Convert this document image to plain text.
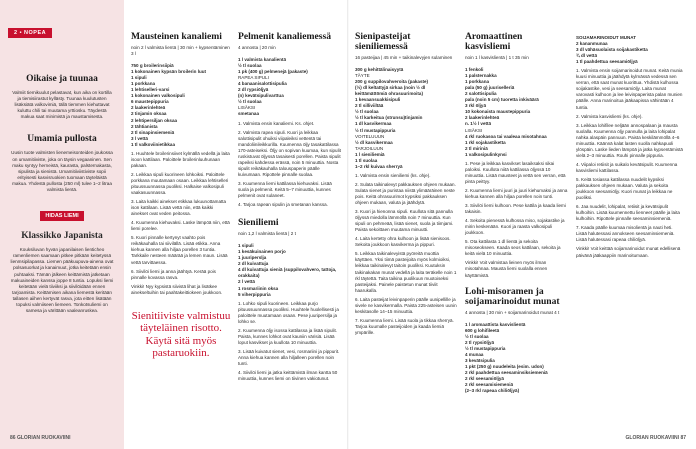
2 • NOPEA
Oikaise ja tuunaa

Valmiit tiemikuulut pelastavat, kun aika on kortilla ja tiemisiirastut kyllästy. Tuunaa kuulutusten lisäksiätä valkovimiä, tällä tiemmen kiehuttavat kuluttu chili tai muutama yrttiosku. Täydestä makua saat minimistä ja maustamisesta.

Umamia pullosta

Uusin tuote valmisten lienemeisonteiden joukossa on umamitiiviste, joka on täysin vegaaninen. Sen maku syntyy herneistä, kaurasta, palsternakasta, sipulista ja sienistä. Umamitiiviistiviste sopii erityisesti kasvisruokien tuomaan täyteläistä makua. Yhdestä pullosta (250 ml) tulee 1–2 litraa valmista lientä.

HIDAS LIEMI
Klassikko Japanista

Kouksiluvan hyvän japanilaisen lienticheo ramenliemen saamaan pitkee pitkään keitetyssä lienmsipilapassa. Liemen pääkuupuva-ainena ovat polsasuorkat ja kanaimuut, jotka keitetään ensin puhtaaksi. Tämän jälkeen keittämistä jatketaan makuaineiden kanssa joppe 8 tuntia. Lopuksi liemi keitetään vielä tiiviiksi ja siivilöidään ennen tarjoamista. Keittämisen aikana liemestä keritään tallasen aiihen kertyvät rasva, jota eitten lisätään topuksi valmiiseen liemeen. Tonkotsuliemi on samesa ja värittään vaaleanruskea.

Mausteinen kanaliemi
noin 2 l valmista lientä | 30 min + kypsentäminen 3 l
750 g broilerinsiipiä
1 kokonainen kypsän broilerin luut
1 sipuli
1 porkkana
1 lehtiselleri-varsi
1 kokonainen valkosipuli
6 maustepippuria
2 laakerinlehteä
2 tinjamin oksaa
2 lehtipersiljan oksaa
2 tähtianista
2 tl sinapinsiemeniä
3 l vettä
1 tl valkoviinietikkaa

1. Huuhtele broilerinsiivet kylmällä vedellä ja laita isoon kattilaan. Paloittele broilerinluuhunaan pakaan.

2. Leikkaa sipuli kuorineen lohkoiksi. Paloittele porkkana muutamaan osaan. Leikkaa lehtiselleri pituussuunnassa puoliksi. Halkaise valkosipuli vaakasuunnassa.

3. Laita kaikki ainekset etikkaa lukuunottamatta ison kattilaan. Lisää vettä niin, että kaikki ainekset ovat veden peitossa.

4. Kuumenna kiehuvaksi. Laske lämpöä niin, että liemi porelee.

5. Kuori pinnalle kertynyt vaahto pois reikäkauhalla tai siivilällä. Lisää etikka. Anna kiehua kannen alla hiljaa porellen 3 tuntia. Tarkkaile nesteen määrää ja lemen maun. Lisää vettä tarvittaessa.

6. Siivilöi liemi ja anna jäähtyä. Kerää pois pinnalle kovassa rasva.

Vinkki! Nyy kypsistä siivistä lihat ja lisätkee ainekseltuihin tai paahtakeittiokeen joukkoon.

Sienitiiviste valmistuu täyteläinen risotto. Käytä sitä myös pastaruokiin.
Pelmenit kanaliemessä
4 annosta | 20 min
1 l valmista kanalientä
½ tl suolaa
1 pk (400 g) pelmenejä (pakaste)
RAPEA SIPULI
4 banaanisalottisipulia
2 dl rypsiöljyä
(n) kevätsipulivarttua
½ tl suolaa
LISÄKSI
smetanaa

1. Valmista ensin kanaliemi. Ks. ohjet.

2. Valmista rapea sipuli. Kuori ja leikkaa salottisipulit ohuiksi viipaleiksi vettentä tai mandoliinileikkurilla. Kuumenna öljy tasakattilassa 170-asteiseksi. Öljy on sopivan kuumaa, kun sipulit ruskistuvat öljyssä tasaisesti porellen. Paista sipulit rapeiksi kahdessa erässä, noin 5 minuuttia. Nosta sipulit reikäkauhalla talouspaperin päälle kuivumaan. Ripottele pinnalle suolaa.

3. Kuumenna liemi kattilassa kiehuvaksi. Lisää suola ja pelmenit. Keitä 5–7 minuuttia, kunnes pelmenit ovat sulaneet.

4. Tarjoa rapean sipulin ja smetanan kanssa.

Sieniliemi
noin 1,2 l valmista lientä | 2 t
1 sipuli
1 kesäkuinainen porjo
1 juuriperslja
2 dl kuivattuja
4 dl kuivattuja sieniä (suppilovahvero, tattoja, orakkaita)
2 l vettä
1 rosmariinin oksa
5 viherpippuria

1. Lohko sipuli kuorineen. Leikkaa purjo pituussuunnassa puoliksi. Huuhtele huolellisesti ja paloittele muutamaan osaan. Pese juuripersilja ja lohko se.

2. Kuumenna öljy isossa kattilassa ja lisää sipulit. Paista, kunnes lohkot ovat kauniin värisiä. Lisää loput kasvikset ja kuullota 10 minuuttia.

3. Lisää kuivatut sienet, vesi, rosmariini ja pippurit. Anna kiehua kannen alla hiljalleen porellen noin tunti.

4. Siivilöi liemi ja jatka keittämistä ilman kantta 50 minuuttia, kunnes liemi on tiivinen vakiotunut.

Sienipasteijat sieniliemessä
16 pasteijaa | 45 min + taikinalevyjen sulaminen
300 g kehittälinaisyytä
TÄYTE
200 g suppilovahveroita (pakaste)
(½) dl keltattyjä sirkaa (noin ½ dl keittämättömiä ohrasuurimoita)
1 kevaansuakkisipuli
2 tl silliviiltää
½ tl suolaa
½ tl karkeitua (strunsu)tinjamin
1 dl kasvikermaa
½ tl mustapippuria
VOITELUUUN
½ dl kasvikermaa
TARJOILUUN
1 l sieniliemiä
1 tl suolaa
1–2 rkl kuivaa sherryä

1. Valmista ensin sieniliemi (ks. ohje).

2. Sulata taikinalevyt pakkauksen ohjeen mukaan. Sulata sienet ja puristaa niistä ylimääräinen neste pois. Keitä ohrasuurimot kypsiksi pakkauksen ohjeen mukaan, valuta ja jäähdytä.

3. Kuori ja hienonna sipuli. Kuullota sitä pannulla öljyssä miedolla lämmöllä noin 7 minuuttia. Kun sipuli on pehmeää, lisää sienet, suola ja tiimjami. Paista sekoittaen muutama minuutti.

4. Laita kertetty ohra kulhoon ja lisää sienisoos. Sekoita joukkoon kasvikerma ja pippuri.

5. Leikkaa taikinalevyistä pyöreitä muottia käyttäen. Yksi tiimä pasteijoita myös kolmioiksi, leikkaa taikinalevyt taitoin puoliksi. Kuutuksin taikinakakan munat vedellä ja laita teräkelle noin 1 rkl täytettä. Taita taikina puolikuun muotoiseksi pasteijaksi. Painele paistetun munat tiiviit haarukalla.

6. Laita pasteijat leivinpaperin päälle uunipellille ja sivele ne kasvikermalla. Paista 225-asteisen uunin keskitasolle 14–15 minuuttia.

7. Kuumenna liemi. Lisää suola ja tikkaa sherryä. Tarjoa kuumalle pasteijoiden ja kaada liemiä ympärille.

Aromaattinen kasvisliemi
noin 1 l kasvislientä | 1 t 35 min
1 fenkoli
1 palsternakka
1 porkkana
pala (50 g) juuriselleriä
2 salottisipulia
pala (noin 5 cm) tuoretta inkiväärä
3 rkl öljyä
10 kokonaista maustepippuria
2 laakerinlehteä
n. 1½ l vettä
LISÄKSI
4 rkl ruokasoa tai vaaleaa misotahnaa
1 rkl sojakastiketta
2 tl miriniä
1 valkosipulinkynsi

1. Pese ja leikkaa kasvikset lasaiksaksi sikai paloiksi. Kuullota niitä kattilassa öljyssä 10 minuuttia. Lisää mausteet ja vettä sen verran, että pinta peittyy.

2. Kuumenna liemi juuri ja juuri kiehumaksi ja anna kiehua kannen alla hiljaa porellen noin tunti.

3. Siivilöi liemi kulhoon. Pese kattila ja kaada liemi takaisin.

4. Sekoita pienessä kulhossa miso, sojakastike ja mirin keskenään. Kuori ja raasta valkosipuli joukkoon.

5. Ota kattilasta 1 dl lientä ja sekoita misoseokseen. Kaada seos kattilaan, sekoita ja keitä vielä 10 minuuttia.

Vinkki! Voit valmistaa lieinen myös ilman misotahnaa. Mausta liemi suolalla ennen käyttämistä.

Lohi-misoramen ja soijamarinoidut munat
4 annosta | 30 min + soijamarinoidut munat 4 t
1 l aromaattista kasvislientä
600 g lohifileetä
½ tl suolaa
2 tl rypsiöljyä
½ tl mustapippuria
4 munaa
3 kevätsipulia
1 pkt (250 g) nuudeleita (esim. udon)
2 rkl paahdettua seesaminsiksiemeniä
2 rkl seesamiöljyä
2 rkl seesamisiemeniä
(2–3 rkl rapeaa chiliöljyä)
SOIJAMARINOIDUT MUNAT
2 kananmunaa
3 dl vähäsuolaista soijakastiketta
¾ dl vettä
1 tl paahdettua seesamiöljyä

1. Valmista ensin soijamarinoidut munat. Keitä munia kuusi minuuttia ja jäähdytä kylmässä vedessä sen verran, että saat munat kuorittua. Yhdistä kulhossa soijakastike, vesi ja seesamiöljy. Laita munat varovasti kulhoon ja lee leivinpaperista palan munien päälle. Anna marinoitua jääkaapissa vähintään 4 tuntia.

2. Valmista kasvisliemi (ks. ohje).

3. Leikkaa lohifilee neljään annospalaan ja mausta suolalla. Kuumenna öljy pannulla ja laita lohipalat nahka alaspäin pannuun. Paista keskilämmöllä 4–6 minuuttia. Käännä kalat lasten suolla nahkapuoli ylöspäin. Laske lieden lämpöä ja jatka kypsentämistä vielä 2–3 minuuttia. Rouhi pinnalle pippuria.

4. Viipaloi retiisit ja suikalo kevätsipulit. Kuumenna kasvisliemi kattilassa.

5. Keitä tosiassa kattilassa nuudelit kypsiksi pakkauksen ohjeen mukaan. Valuta ja sekoita joukkoon seesamiöljy. Kuori munat ja leikkaa ne puoliksi.

6. Jaa nuudelit, lohipalat, retiisit ja kevätsipulit kulhoihin. Lisää kuumennettu lienneet päälle ja laita kulhoihin. Ripottele pinnalle seesaminsiemeniä.

7. Kaada päälle kuumaa misolientä ja nauti heti. Lisää halutessasi annokseen seesaminsiemeniä. Lisää halutessasi rapeaa chiliöljyä.

Vinkki! Voit keittää soijamarinoidut munat edellisenä päivänä jääkaappiin marinoitumaan.

86 GLORIAN RUOKAVIINI	GLORIAN RUOKAVIINI 87
